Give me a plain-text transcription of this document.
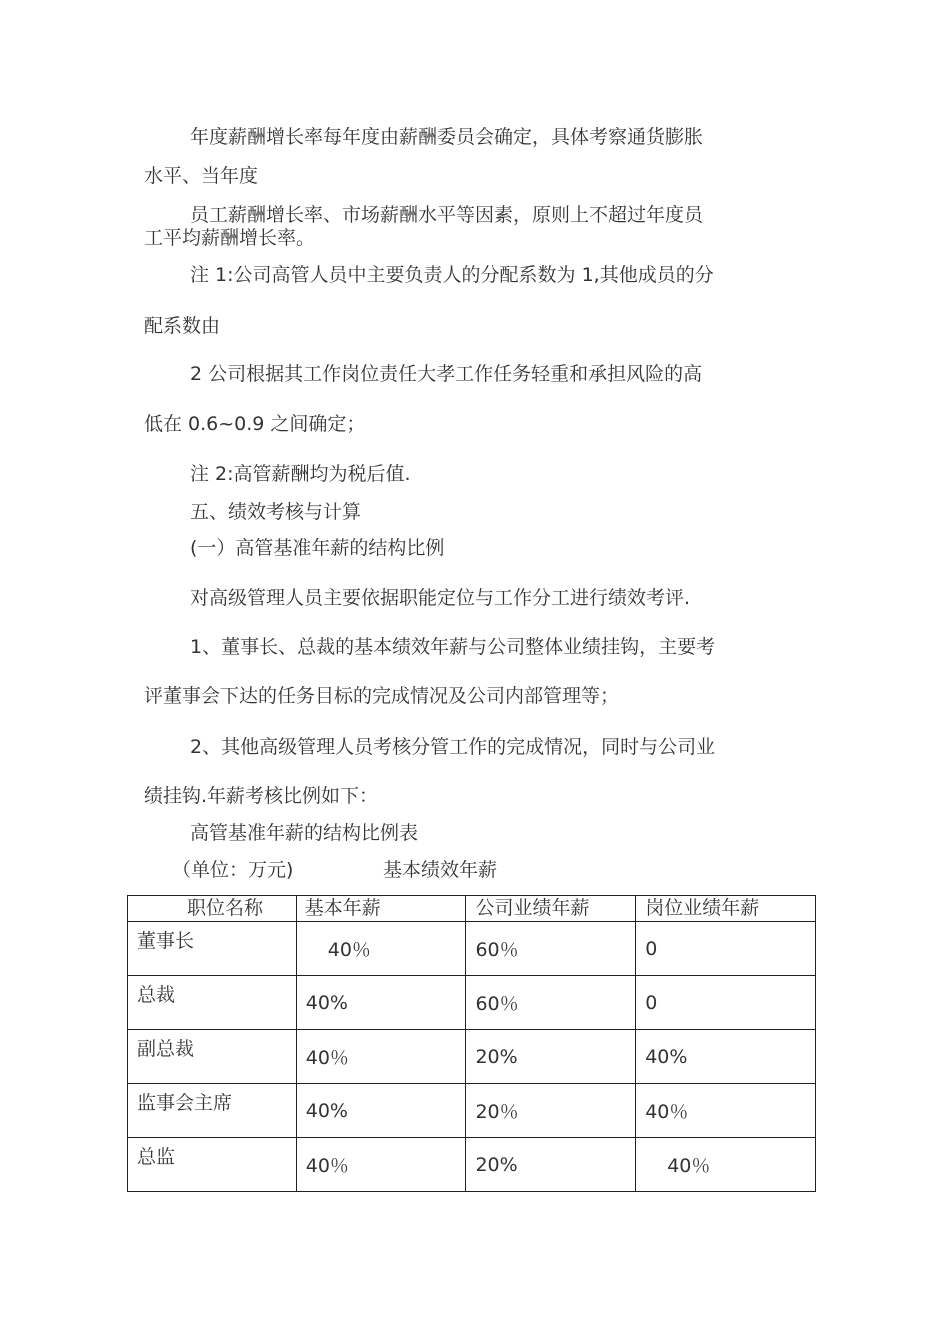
年度薪酬增长率每年度由薪酬委员会确定，具体考察通货膨胀

水平、当年度

员工薪酬增长率、市场薪酬水平等因素，原则上不超过年度员

工平均薪酬增长率。

注 1:公司高管人员中主要负责人的分配系数为 1,其他成员的分

配系数由

2 公司根据其工作岗位责任大孝工作任务轻重和承担风险的高

低在 0.6~0.9 之间确定；

注 2:高管薪酬均为税后值.

五、绩效考核与计算

(一）高管基准年薪的结构比例

对高级管理人员主要依据职能定位与工作分工进行绩效考评.

1、董事长、总裁的基本绩效年薪与公司整体业绩挂钩，主要考

评董事会下达的任务目标的完成情况及公司内部管理等；

2、其他高级管理人员考核分管工作的完成情况，同时与公司业

绩挂钩.年薪考核比例如下：

高管基准年薪的结构比例表

（单位：万元)	基本绩效年薪

职位名称	基本年薪	公司业绩年薪	岗位业绩年薪
董事长	40％	60％	0
总裁	40%	60％	0
副总裁	40％	20%	40%
监事会主席	40%	20％	40％
总监	40％	20%	40％
